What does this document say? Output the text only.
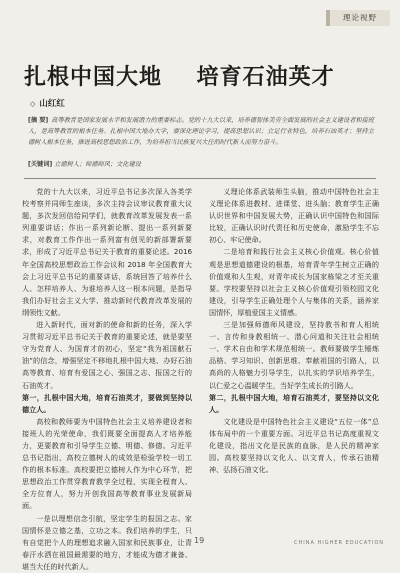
理论视野
扎根中国大地    培育石油英才
◇ 山红红
[摘 要] 高等教育是国家发展水平和发展潜力的重要标志。党的十九大以来，培养德智体美劳全面发展的社会主义建设者和接班人，是高等教育的根本任务。扎根中国大地办大学，要深化理论学习，提高思想认识；立足行业特色，培养石油英才；坚持立德树人根本任务，推进高校思想政治工作，为培养担当民族复兴大任的时代新人而努力奋斗。
[关键词] 立德树人；师德师风；文化建设

党的十九大以来，习近平总书记多次深入各类学校考察并同师生座谈，多次主持会议审议教育重大议题，多次发回信给同学们，就教育改革发展发表一系列重要讲话；作出一系列新论断、提出一系列新要求，对教育工作作出一系列富有创见的新部署新要求，形成了习近平总书记关于教育的重要论述。2016 年全国高校思想政治工作会议和 2018 年全国教育大会上习近平总书记的重要讲话，系统回答了培养什么人、怎样培养人、为谁培养人这一根本问题，是指导我们办好社会主义大学、推动新时代教育改革发展的纲领性文献。

进入新时代，面对新的使命和新的任务，深入学习贯彻习近平总书记关于教育的重要论述，就是要坚守为党育人、为国育才的初心，坚定“我为祖国献石油”的信念，增强坚定不移地扎根中国大地、办好石油高等教育、培育有爱国之心、强国之志、报国之行的石油英才。

第一，扎根中国大地，培育石油英才，要做到坚持以德立人。

高校和教师要为中国特色社会主义培养建设者和接班人的光荣使命，我们既要全面提高人才培养能力，更要教育和引导学生立德、明德、修德。习近平总书记指出，高校立德树人的成效是检验学校一切工作的根本标准。高校要把立德树人作为中心环节，把思想政治工作贯穿教育教学全过程，实现全程育人、全方位育人，努力开创我国高等教育事业发展新局面。

一是以理想信念引航，坚定学生的报国之志。家国情怀是立德之基，立功之本。我们培养的学生，只有自觉把个人的理想追求融入国家和民族事业，让青春汗水洒在祖国最需要的地方，才能成为德才兼备、堪当大任的时代新人。

义理论体系武装师生头脑，推动中国特色社会主义理论体系进教材、进课堂、进头脑；教育学生正确认识世界和中国发展大势，正确认识中国特色和国际比较，正确认识时代责任和历史使命，激励学生不忘初心、牢记使命。

二是培育和践行社会主义核心价值观。核心价值观是思想道德建设的根基，培育青年学生树立正确的价值观和人生观，对青年成长为国家栋梁之才至关重要。学校要坚持以社会主义核心价值观引领校园文化建设，引导学生正确处理个人与集体的关系，涵养家国情怀，厚植爱国主义情感。

三是加强师德师风建设，坚持教书和育人相统一、言传和身教相统一、潜心问道和关注社会相统一、学术自由和学术规范相统一。教师要做学生锤炼品格、学习知识、创新思维、奉献祖国的引路人，以高尚的人格魅力引导学生，以扎实的学识培养学生，以仁爱之心温暖学生，当好学生成长的引路人。

第二，扎根中国大地，培育石油英才，要坚持以文化人。

文化建设是中国特色社会主义建设“五位一体”总体布局中的一个重要方面。习近平总书记高度重视文化建设，指出文化是民族的血脉，是人民的精神家园。高校要坚持以文化人、以文育人，传承石油精神、弘扬石油文化。

19	CHINA HIGHER EDUCATION
